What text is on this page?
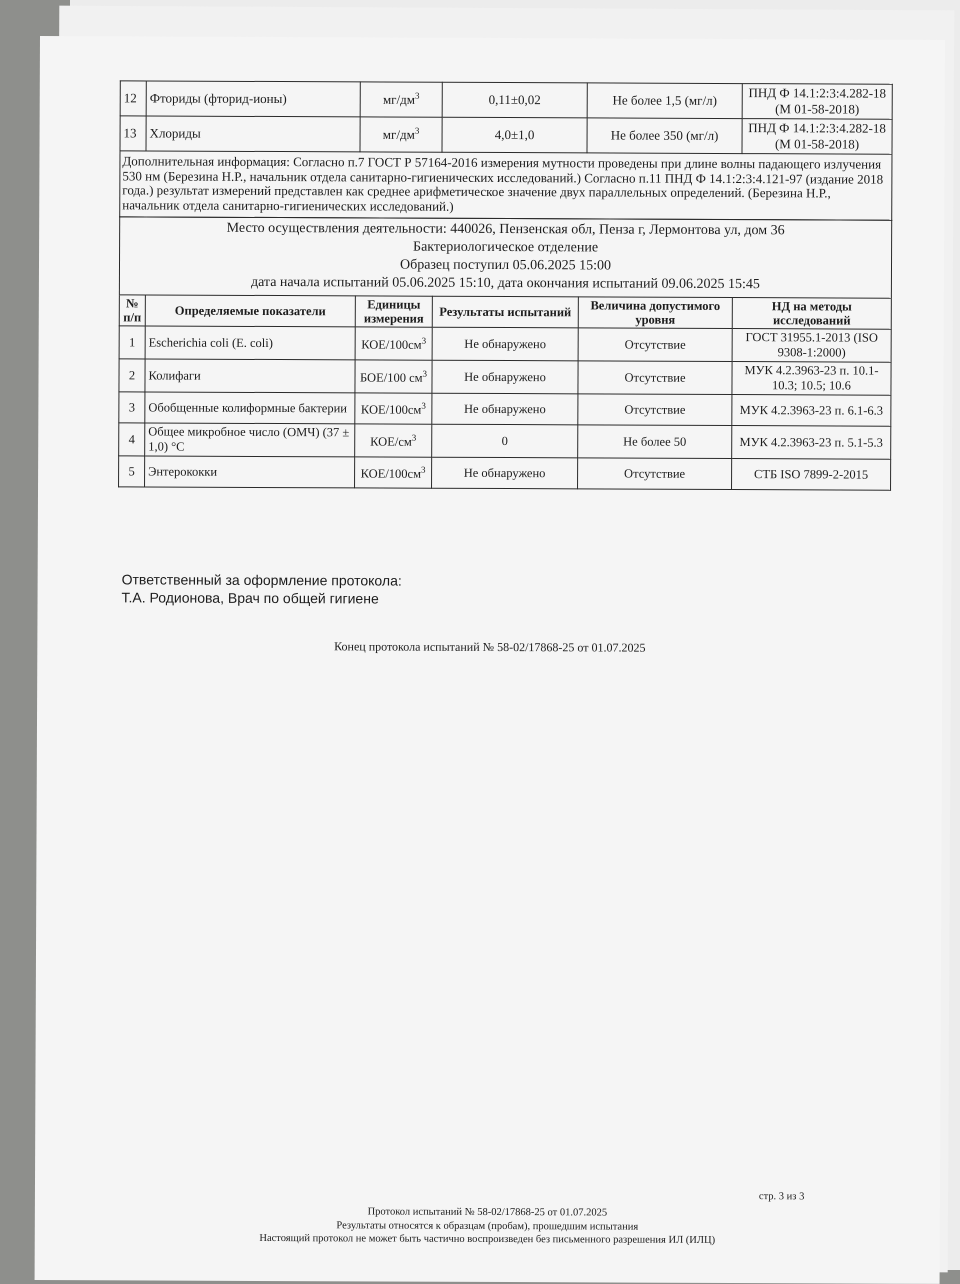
12	Фториды (фторид-ионы)	$мг/дм^3$	0,11±0,02	Не более 1,5 (мг/л)	ПНД Ф 14.1:2:3:4.282-18 (М 01-58-2018)
13	Хлориды	$мг/дм^3$	4,0±1,0	Не более 350 (мг/л)	ПНД Ф 14.1:2:3:4.282-18 (М 01-58-2018)
Дополнительная информация: Согласно п.7 ГОСТ Р 57164-2016 измерения мутности проведены при длине волны падающего излучения 530 нм (Березина Н.Р., начальник отдела санитарно-гигиенических исследований.) Согласно п.11 ПНД Ф 14.1:2:3:4.121-97 (издание 2018 года.) результат измерений представлен как среднее арифметическое значение двух параллельных определений. (Березина Н.Р., начальник отдела санитарно-гигиенических исследований.)					
Место осуществления деятельности: 440026, Пензенская обл, Пенза г, Лермонтова ул, дом 36
Бактериологическое отделение
Образец поступил 05.06.2025 15:00
дата начала испытаний 05.06.2025 15:10, дата окончания испытаний 09.06.2025 15:45					

№ п/п	Определяемые показатели	Единицы измерения	Результаты испытаний	Величина допустимого уровня	НД на методы исследований
1	Escherichia coli (E. coli)	КОЕ/$100см^3$	Не обнаружено	Отсутствие	ГОСТ 31955.1-2013 (ISO 9308-1:2000)
2	Колифаги	БОЕ/100 $см^3$	Не обнаружено	Отсутствие	МУК 4.2.3963-23 п. 10.1-10.3; 10.5; 10.6
3	Обобщенные колиформные бактерии	КОЕ/$100см^3$	Не обнаружено	Отсутствие	МУК 4.2.3963-23 п. 6.1-6.3
4	Общее микробное число (ОМЧ) (37 ± 1,0) °С	КОЕ/$см^3$	0	Не более 50	МУК 4.2.3963-23 п. 5.1-5.3
5	Энтерококки	КОЕ/$100см^3$	Не обнаружено	Отсутствие	СТБ ISO 7899-2-2015
Ответственный за оформление протокола:
Т.А. Родионова, Врач по общей гигиене
Конец протокола испытаний № 58-02/17868-25 от 01.07.2025
стр. 3 из 3
Протокол испытаний № 58-02/17868-25 от 01.07.2025
Результаты относятся к образцам (пробам), прошедшим испытания
Настоящий протокол не может быть частично воспроизведен без письменного разрешения ИЛ (ИЛЦ)
